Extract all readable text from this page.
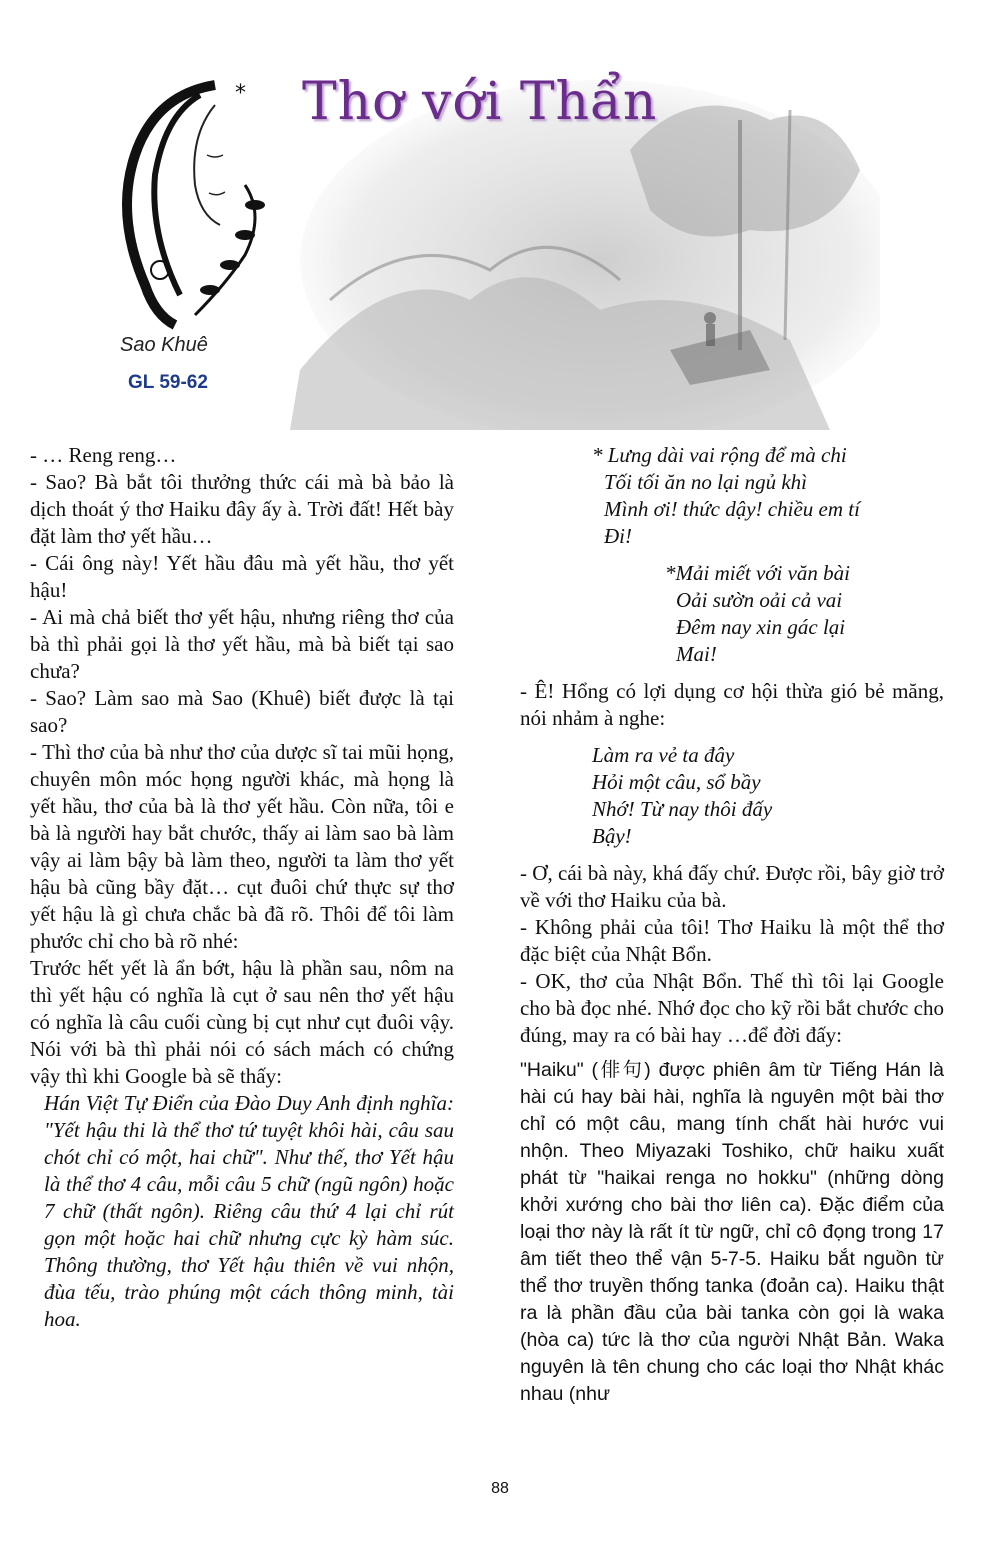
* Thơ với Thẩn
Sao Khuê
GL 59-62

- … Reng reng…

- Sao? Bà bắt tôi thưởng thức cái mà bà bảo là dịch thoát ý thơ Haiku đây ấy à. Trời đất! Hết bày đặt làm thơ yết hầu…

- Cái ông này! Yết hầu đâu mà yết hầu, thơ yết hậu!

- Ai mà chả biết thơ yết hậu, nhưng riêng thơ của bà thì phải gọi là thơ yết hầu, mà bà biết tại sao chưa?

- Sao? Làm sao mà Sao (Khuê) biết được là tại sao?

- Thì thơ của bà như thơ của dược sĩ tai mũi họng, chuyên môn móc họng người khác, mà họng là yết hầu, thơ của bà là thơ yết hầu. Còn nữa, tôi e bà là người hay bắt chước, thấy ai làm sao bà làm vậy ai làm bậy bà làm theo, người ta làm thơ yết hậu bà cũng bầy đặt… cụt đuôi chứ thực sự thơ yết hậu là gì chưa chắc bà đã rõ. Thôi để tôi làm phước chỉ cho bà rõ nhé:

Trước hết yết là ẩn bớt, hậu là phần sau, nôm na thì yết hậu có nghĩa là cụt ở sau nên thơ yết hậu có nghĩa là câu cuối cùng bị cụt như cụt đuôi vậy. Nói với bà thì phải nói có sách mách có chứng vậy thì khi Google bà sẽ thấy:

Hán Việt Tự Điển của Đào Duy Anh định nghĩa: "Yết hậu thi là thể thơ tứ tuyệt khôi hài, câu sau chót chỉ có một, hai chữ". Như thế, thơ Yết hậu là thể thơ 4 câu, mỗi câu 5 chữ (ngũ ngôn) hoặc 7 chữ (thất ngôn). Riêng câu thứ 4 lại chỉ rút gọn một hoặc hai chữ nhưng cực kỳ hàm súc. Thông thường, thơ Yết hậu thiên về vui nhộn, đùa tếu, trào phúng một cách thông minh, tài hoa.

* Lưng dài vai rộng để mà chi

Tối tối ăn no lại ngủ khì

Mình ơi! thức dậy! chiều em tí

Đi!

*Mải miết với văn bài

Oải sườn oải cả vai

Đêm nay xin gác lại

Mai!

- Ê! Hổng có lợi dụng cơ hội thừa gió bẻ măng, nói nhảm à nghe:

Làm ra vẻ ta đây

Hỏi một câu, sổ bầy

Nhớ! Từ nay thôi đấy

Bậy!

- Ơ, cái bà này, khá đấy chứ. Được rồi, bây giờ trở về với thơ Haiku của bà.

- Không phải của tôi! Thơ Haiku là một thể thơ đặc biệt của Nhật Bổn.

- OK, thơ của Nhật Bổn. Thế thì tôi lại Google cho bà đọc nhé. Nhớ đọc cho kỹ rồi bắt chước cho đúng, may ra có bài hay …để đời đấy:

"Haiku" (俳句) được phiên âm từ Tiếng Hán là hài cú hay bài hài, nghĩa là nguyên một bài thơ chỉ có một câu, mang tính chất hài hước vui nhộn. Theo Miyazaki Toshiko, chữ haiku xuất phát từ "haikai renga no hokku" (những dòng khởi xướng cho bài thơ liên ca). Đặc điểm của loại thơ này là rất ít từ ngữ, chỉ cô đọng trong 17 âm tiết theo thể vận 5-7-5. Haiku bắt nguồn từ thể thơ truyền thống tanka (đoản ca). Haiku thật ra là phần đầu của bài tanka còn gọi là waka (hòa ca) tức là thơ của người Nhật Bản. Waka nguyên là tên chung cho các loại thơ Nhật khác nhau (như

88
